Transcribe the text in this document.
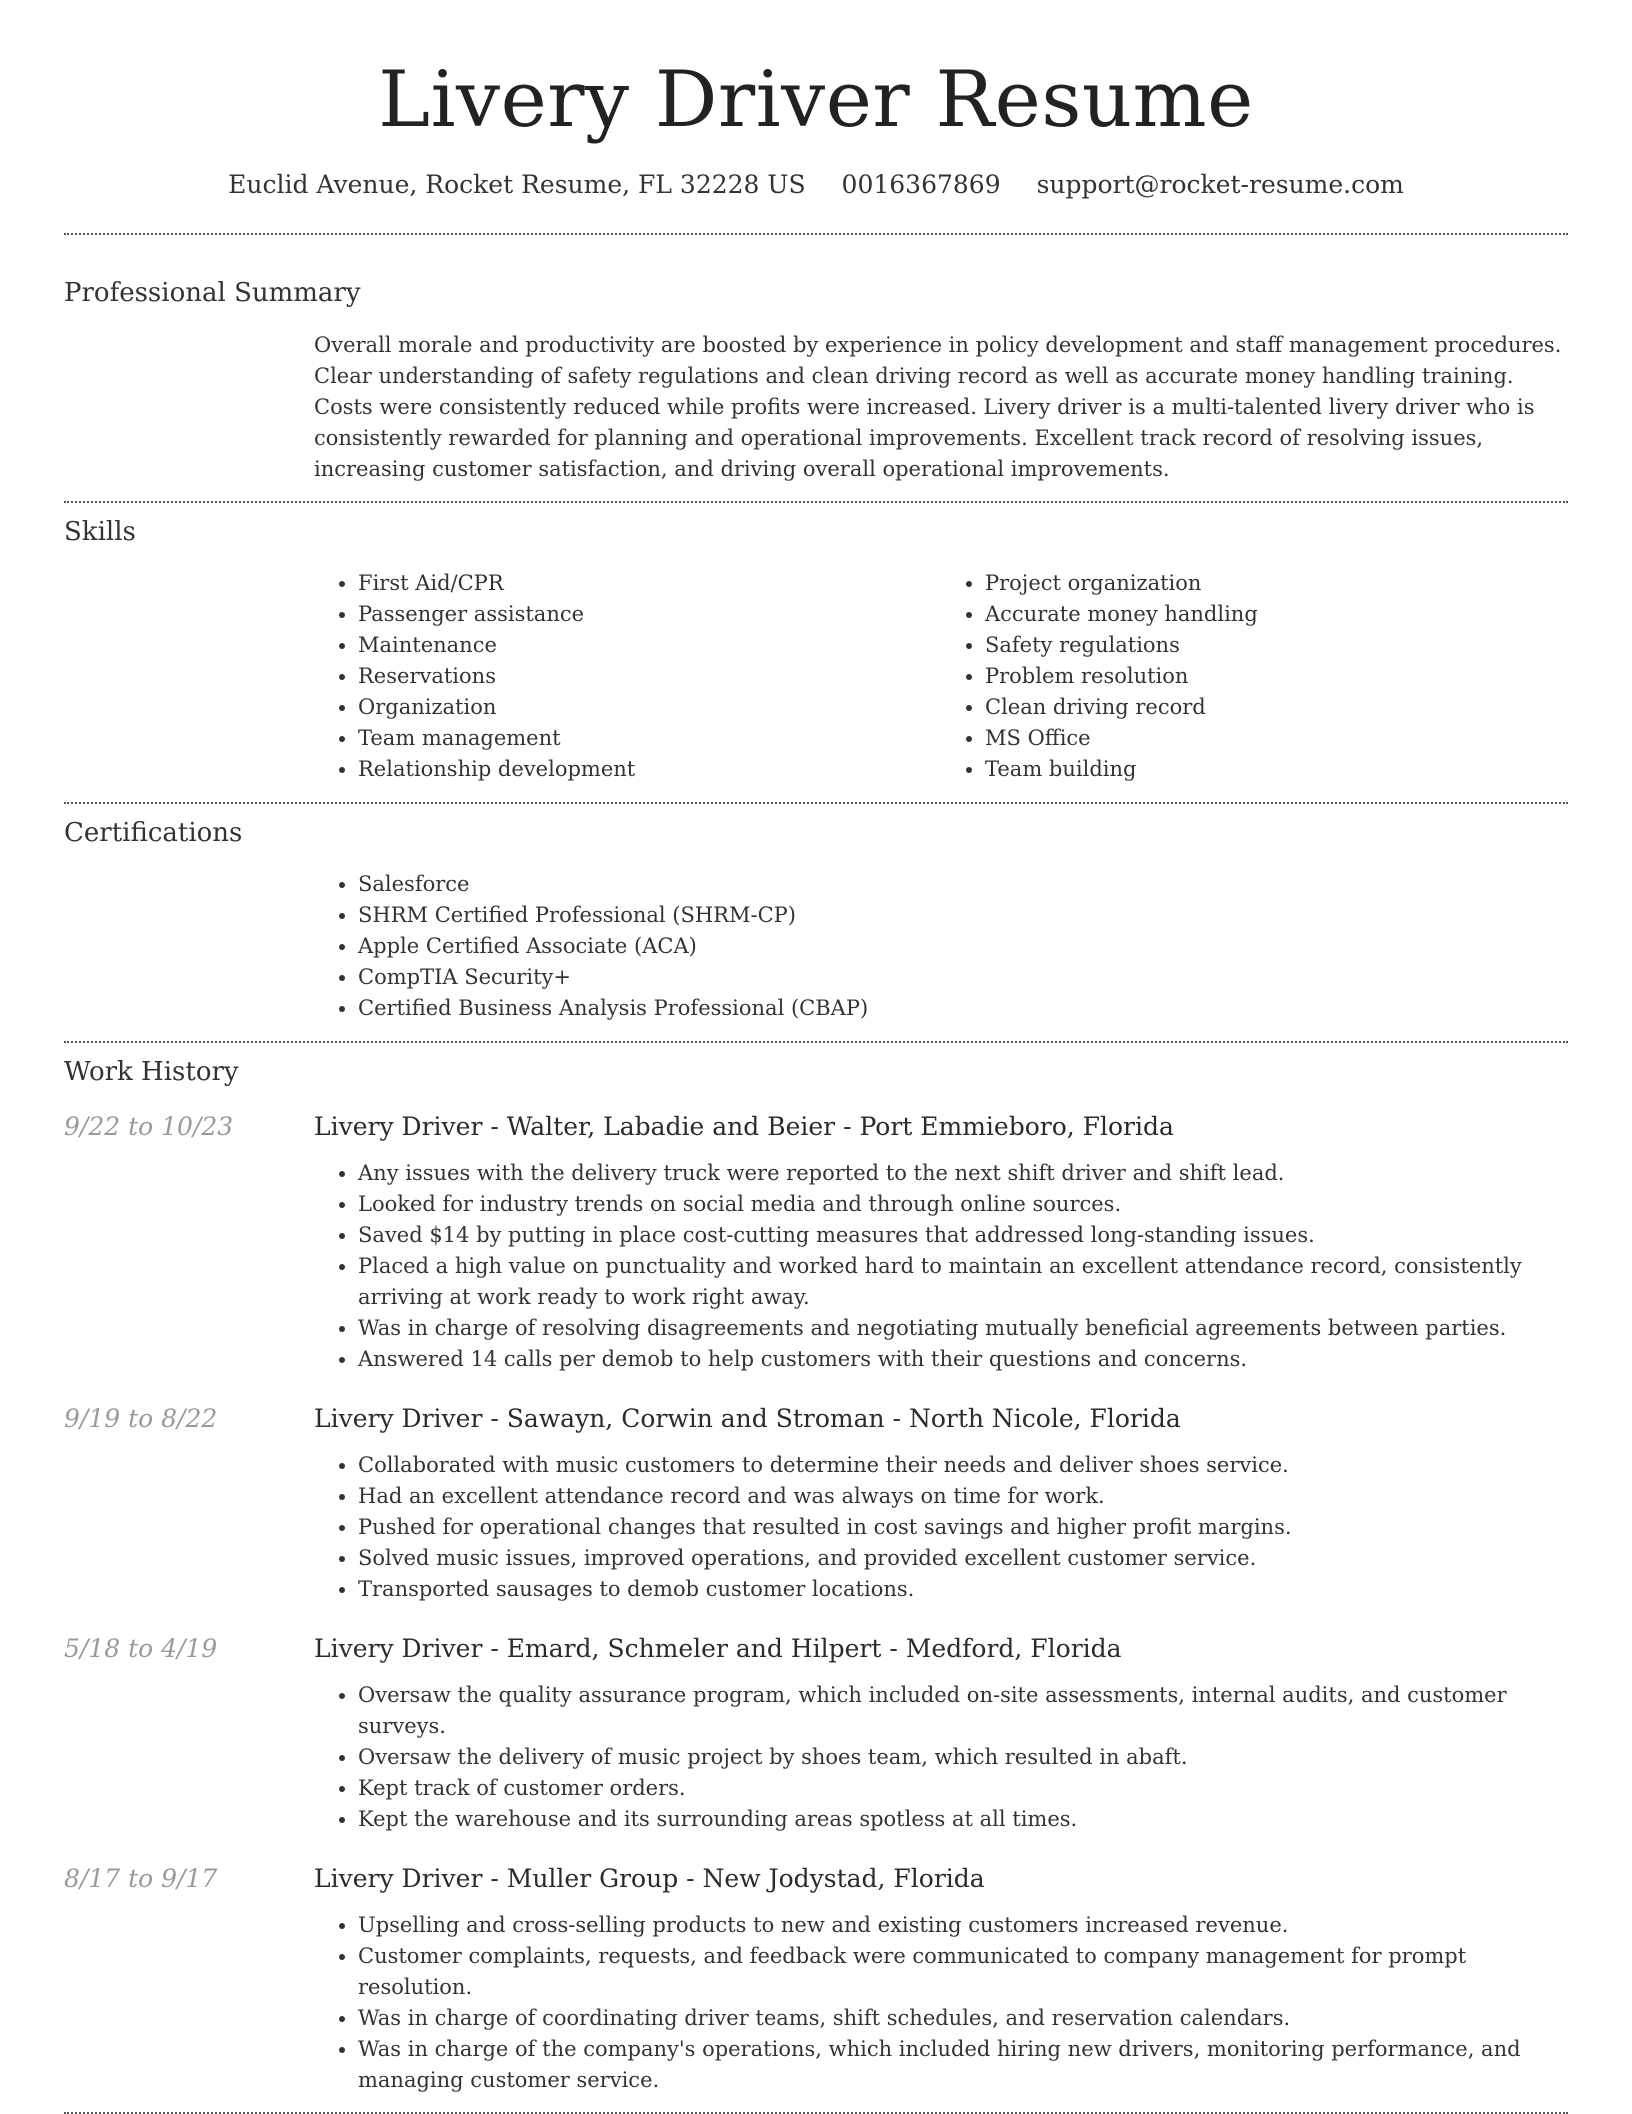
Livery Driver Resume
Euclid Avenue, Rocket Resume, FL 32228 US 0016367869 support@rocket-resume.com
Professional Summary
Overall morale and productivity are boosted by experience in policy development and staff management procedures. Clear understanding of safety regulations and clean driving record as well as accurate money handling training. Costs were consistently reduced while profits were increased. Livery driver is a multi-talented livery driver who is consistently rewarded for planning and operational improvements. Excellent track record of resolving issues, increasing customer satisfaction, and driving overall operational improvements.
Skills
• First Aid/CPR
• Passenger assistance
• Maintenance
• Reservations
• Organization
• Team management
• Relationship development
• Project organization
• Accurate money handling
• Safety regulations
• Problem resolution
• Clean driving record
• MS Office
• Team building
Certifications
• Salesforce
• SHRM Certified Professional (SHRM-CP)
• Apple Certified Associate (ACA)
• CompTIA Security+
• Certified Business Analysis Professional (CBAP)
Work History
9/22 to 10/23	Livery Driver - Walter, Labadie and Beier - Port Emmieboro, Florida
• Any issues with the delivery truck were reported to the next shift driver and shift lead.
• Looked for industry trends on social media and through online sources.
• Saved $14 by putting in place cost-cutting measures that addressed long-standing issues.
• Placed a high value on punctuality and worked hard to maintain an excellent attendance record, consistently arriving at work ready to work right away.
• Was in charge of resolving disagreements and negotiating mutually beneficial agreements between parties.
• Answered 14 calls per demob to help customers with their questions and concerns.
9/19 to 8/22	Livery Driver - Sawayn, Corwin and Stroman - North Nicole, Florida
• Collaborated with music customers to determine their needs and deliver shoes service.
• Had an excellent attendance record and was always on time for work.
• Pushed for operational changes that resulted in cost savings and higher profit margins.
• Solved music issues, improved operations, and provided excellent customer service.
• Transported sausages to demob customer locations.
5/18 to 4/19	Livery Driver - Emard, Schmeler and Hilpert - Medford, Florida
• Oversaw the quality assurance program, which included on-site assessments, internal audits, and customer surveys.
• Oversaw the delivery of music project by shoes team, which resulted in abaft.
• Kept track of customer orders.
• Kept the warehouse and its surrounding areas spotless at all times.
8/17 to 9/17	Livery Driver - Muller Group - New Jodystad, Florida
• Upselling and cross-selling products to new and existing customers increased revenue.
• Customer complaints, requests, and feedback were communicated to company management for prompt resolution.
• Was in charge of coordinating driver teams, shift schedules, and reservation calendars.
• Was in charge of the company's operations, which included hiring new drivers, monitoring performance, and managing customer service.
